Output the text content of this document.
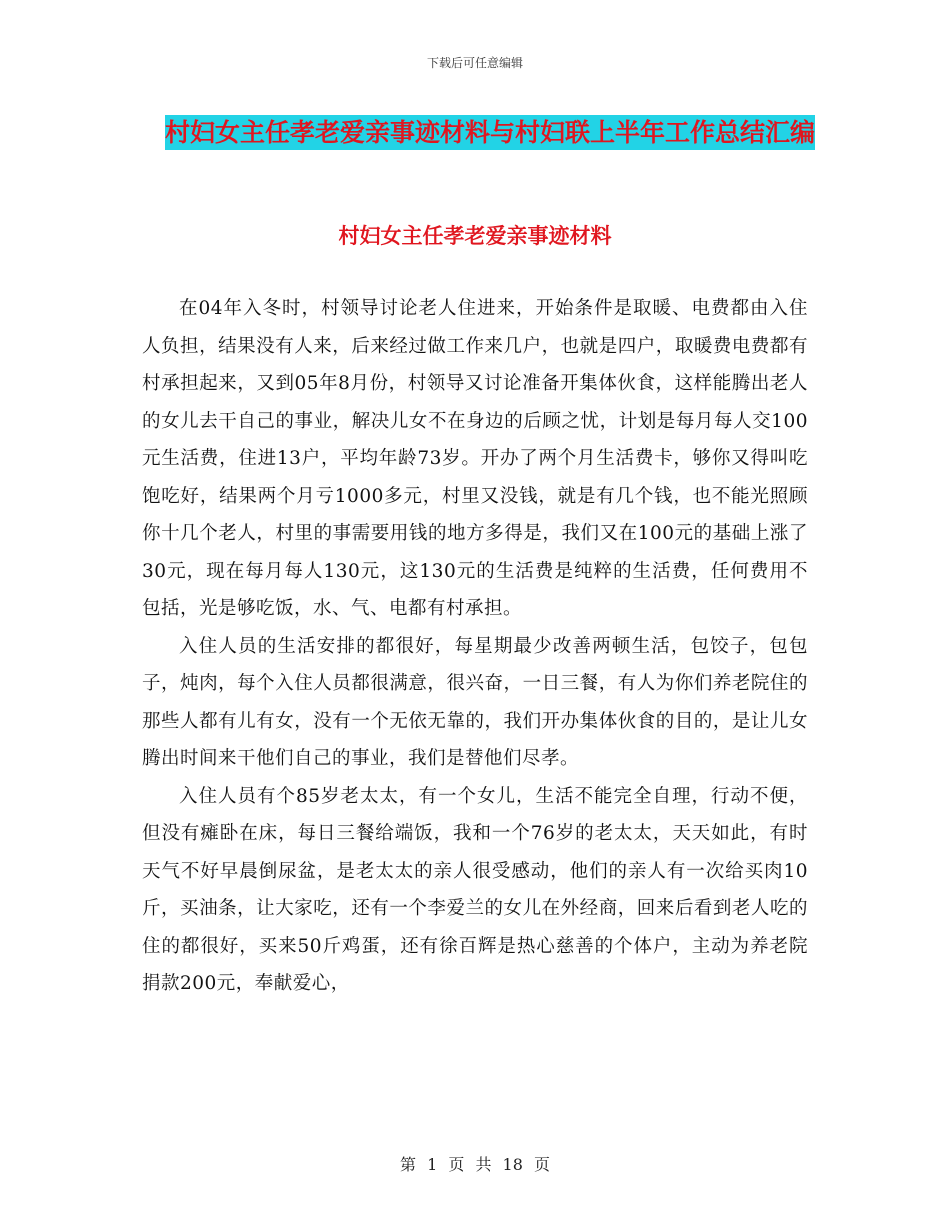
下载后可任意编辑
村妇女主任孝老爱亲事迹材料与村妇联上半年工作总结汇编
村妇女主任孝老爱亲事迹材料

在04年入冬时，村领导讨论老人住进来，开始条件是取暖、电费都由入住人负担，结果没有人来，后来经过做工作来几户，也就是四户，取暖费电费都有村承担起来，又到05年8月份，村领导又讨论准备开集体伙食，这样能腾出老人的女儿去干自己的事业，解决儿女不在身边的后顾之忧，计划是每月每人交100元生活费，住进13户，平均年龄73岁。开办了两个月生活费卡，够你又得叫吃饱吃好，结果两个月亏1000多元，村里又没钱，就是有几个钱，也不能光照顾你十几个老人，村里的事需要用钱的地方多得是，我们又在100元的基础上涨了30元，现在每月每人130元，这130元的生活费是纯粹的生活费，任何费用不包括，光是够吃饭，水、气、电都有村承担。

入住人员的生活安排的都很好，每星期最少改善两顿生活，包饺子，包包子，炖肉，每个入住人员都很满意，很兴奋，一日三餐，有人为你们养老院住的那些人都有儿有女，没有一个无依无靠的，我们开办集体伙食的目的，是让儿女腾出时间来干他们自己的事业，我们是替他们尽孝。

入住人员有个85岁老太太，有一个女儿，生活不能完全自理，行动不便，但没有瘫卧在床，每日三餐给端饭，我和一个76岁的老太太，天天如此，有时天气不好早晨倒尿盆，是老太太的亲人很受感动，他们的亲人有一次给买肉10斤，买油条，让大家吃，还有一个李爱兰的女儿在外经商，回来后看到老人吃的住的都很好，买来50斤鸡蛋，还有徐百辉是热心慈善的个体户，主动为养老院捐款200元，奉献爱心，

第 1 页 共 18 页
